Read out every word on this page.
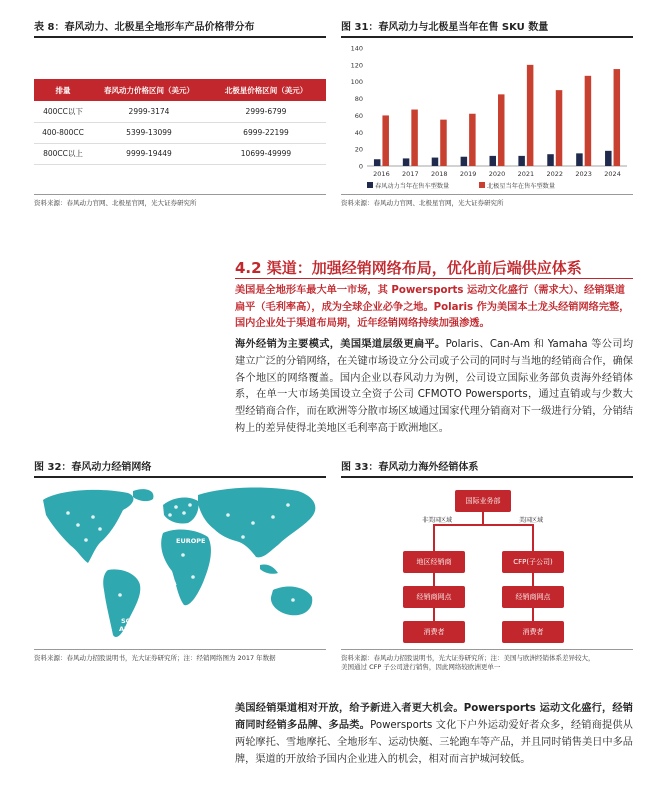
表 8：春风动力、北极星全地形车产品价格带分布
排量	春风动力价格区间（美元）	北极星价格区间（美元）
400CC以下	2999-3174	2999-6799
400-800CC	5399-13099	6999-22199
800CC以上	9999-19449	10699-49999
资料来源：春风动力官网、北极星官网，光大证券研究所
图 31：春风动力与北极星当年在售 SKU 数量
0
20
40
60
80
100
120
140
2016 2017 2018 2019 2020 2021 2022 2023 2024
春风动力当年在售车型数量	北极星当年在售车型数量
资料来源：春风动力官网、北极星官网，光大证券研究所
4.2 渠道：加强经销网络布局，优化前后端供应体系
美国是全地形车最大单一市场，其 Powersports 运动文化盛行（需求大）、经销渠道扁平（毛利率高），成为全球企业必争之地。Polaris 作为美国本土龙头经销网络完整，国内企业处于渠道布局期，近年经销网络持续加强渗透。
海外经销为主要模式，美国渠道层级更扁平。Polaris、Can-Am 和 Yamaha 等公司均建立广泛的分销网络，在关键市场设立分公司或子公司的同时与当地的经销商合作，确保各个地区的网络覆盖。国内企业以春风动力为例，公司设立国际业务部负责海外经销体系，在单一大市场美国设立全资子公司 CFMOTO Powersports，通过直销或与少数大型经销商合作，而在欧洲等分散市场区域通过国家代理分销商对下一级进行分销，分销结构上的差异使得北美地区毛利率高于欧洲地区。
图 32：春风动力经销网络
EUROPE
NORTH AMERICA
ASIA
AFRICA
SOUTH AMERICA	OCEANIA
资料来源：春风动力招股说明书，光大证券研究所；注：经销网络图为 2017 年数据
图 33：春风动力海外经销体系
国际业务部
非美国区域	美国区域
地区经销商	CFP(子公司)
经销商网点	经销商网点
消费者	消费者
资料来源：春风动力招股说明书，光大证券研究所；注：美国与欧洲经销体系差异较大，
美国通过 CFP 子公司进行销售，因此网络较欧洲更单一
美国经销渠道相对开放，给予新进入者更大机会。Powersports 运动文化盛行，经销商同时经销多品牌、多品类。Powersports 文化下户外运动爱好者众多，经销商提供从两轮摩托、雪地摩托、全地形车、运动快艇、三轮跑车等产品，并且同时销售美日中多品牌，渠道的开放给予国内企业进入的机会，相对而言护城河较低。
